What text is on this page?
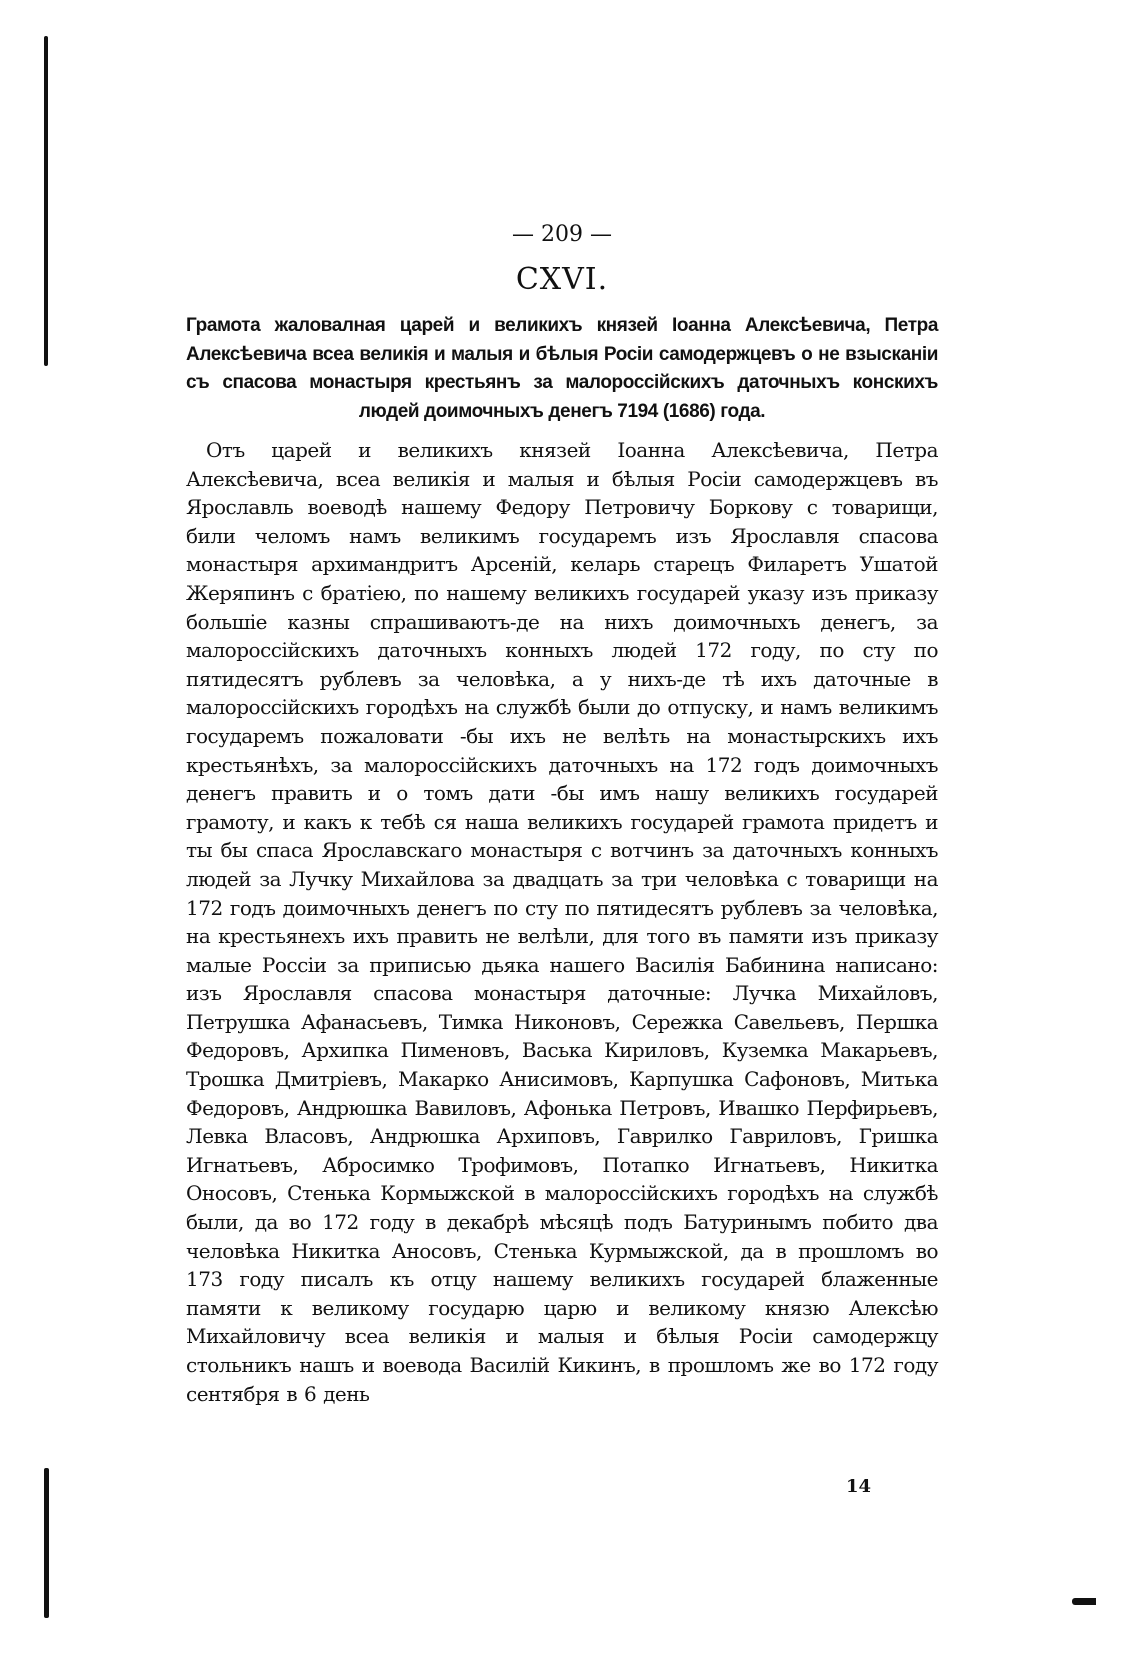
— 209 —
CXVI.
Грамота жаловалная царей и великихъ князей Іоанна Алексѣевича, Петра Алексѣевича всеа великія и малыя и бѣлыя Росіи самодержцевъ о не взысканіи съ спасова монастыря крестьянъ за малороссійскихъ даточныхъ конскихъ людей доимочныхъ денегъ 7194 (1686) года.
Отъ царей и великихъ князей Іоанна Алексѣевича, Петра Алексѣевича, всеа великія и малыя и бѣлыя Росіи самодержцевъ въ Ярославль воеводѣ нашему Федору Петровичу Боркову с товарищи, били челомъ намъ великимъ государемъ изъ Ярославля спасова монастыря архимандритъ Арсеній, келарь старецъ Филаретъ Ушатой Жеряпинъ с братіею, по нашему великихъ государей указу изъ приказу большіе казны спрашиваютъ-де на нихъ доимочныхъ денегъ, за малороссійскихъ даточныхъ конныхъ людей 172 году, по сту по пятидесятъ рублевъ за человѣка, а у нихъ-де тѣ ихъ даточные в малороссійскихъ городѣхъ на службѣ были до отпуску, и намъ великимъ государемъ пожаловати -бы ихъ не велѣть на монастырскихъ ихъ крестьянѣхъ, за малороссійскихъ даточныхъ на 172 годъ доимочныхъ денегъ править и о томъ дати -бы имъ нашу великихъ государей грамоту, и какъ к тебѣ ся наша великихъ государей грамота придетъ и ты бы спаса Ярославскаго монастыря с вотчинъ за даточныхъ конныхъ людей за Лучку Михайлова за двадцать за три человѣка с товарищи на 172 годъ доимочныхъ денегъ по сту по пятидесятъ рублевъ за человѣка, на крестьянехъ ихъ править не велѣли, для того въ памяти изъ приказу малые Россіи за приписью дьяка нашего Василія Бабинина написано: изъ Ярославля спасова монастыря даточные: Лучка Михайловъ, Петрушка Афанасьевъ, Тимка Никоновъ, Сережка Савельевъ, Першка Федоровъ, Архипка Пименовъ, Васька Кириловъ, Куземка Макарьевъ, Трошка Дмитріевъ, Макарко Анисимовъ, Карпушка Сафоновъ, Митька Федоровъ, Андрюшка Вавиловъ, Афонька Петровъ, Ивашко Перфирьевъ, Левка Власовъ, Андрюшка Архиповъ, Гаврилко Гавриловъ, Гришка Игнатьевъ, Абросимко Трофимовъ, Потапко Игнатьевъ, Никитка Оносовъ, Стенька Кормыжской в малороссійскихъ городѣхъ на службѣ были, да во 172 году в декабрѣ мѣсяцѣ подъ Батуринымъ побито два человѣка Никитка Аносовъ, Стенька Курмыжской, да в прошломъ во 173 году писалъ къ отцу нашему великихъ государей блаженные памяти к великому государю царю и великому князю Алексѣю Михайловичу всеа великія и малыя и бѣлыя Росіи самодержцу стольникъ нашъ и воевода Василій Кикинъ, в прошломъ же во 172 году сентября в 6 день
14
